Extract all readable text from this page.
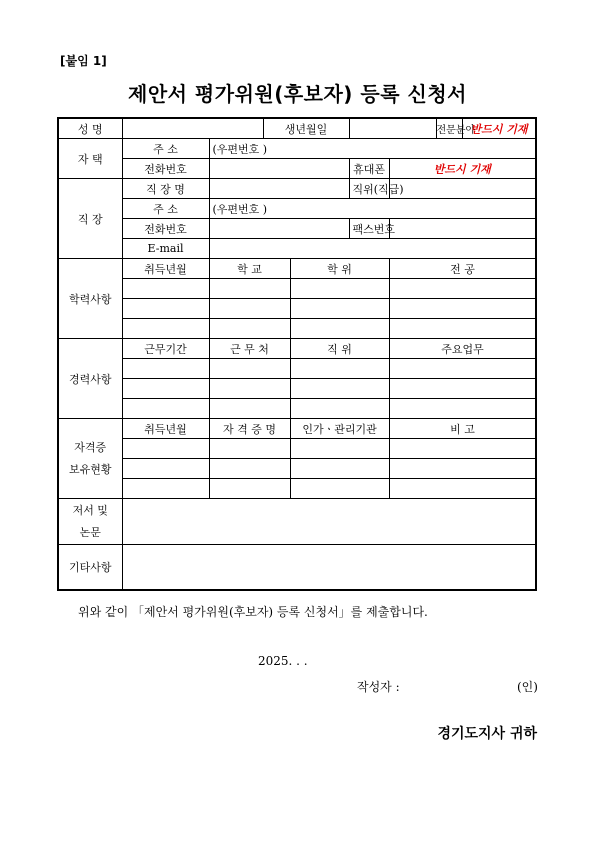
[붙임 1]
제안서 평가위원(후보자) 등록 신청서
성 명			생년월일				전문분야	반드시 기재
자 택	주 소	(우편번호 )						
	전화번호				휴대폰	반드시 기재		
직 장	직 장 명				직위(직급)			
	주 소	(우편번호 )						
	전화번호				팩스번호			
	E-mail							
학력사항	취득년월	학 교		학 위		전 공		

경력사항	근무기간	근 무 처		직 위		주요업무		

자격증
보유현황	취득년월	자 격 증 명		인가ㆍ관리기관		비 고		

저서 및
논문								
기타사항								
위와 같이 「제안서 평가위원(후보자) 등록 신청서」를 제출합니다.
2025. . .
작성자 :	(인)
경기도지사 귀하
